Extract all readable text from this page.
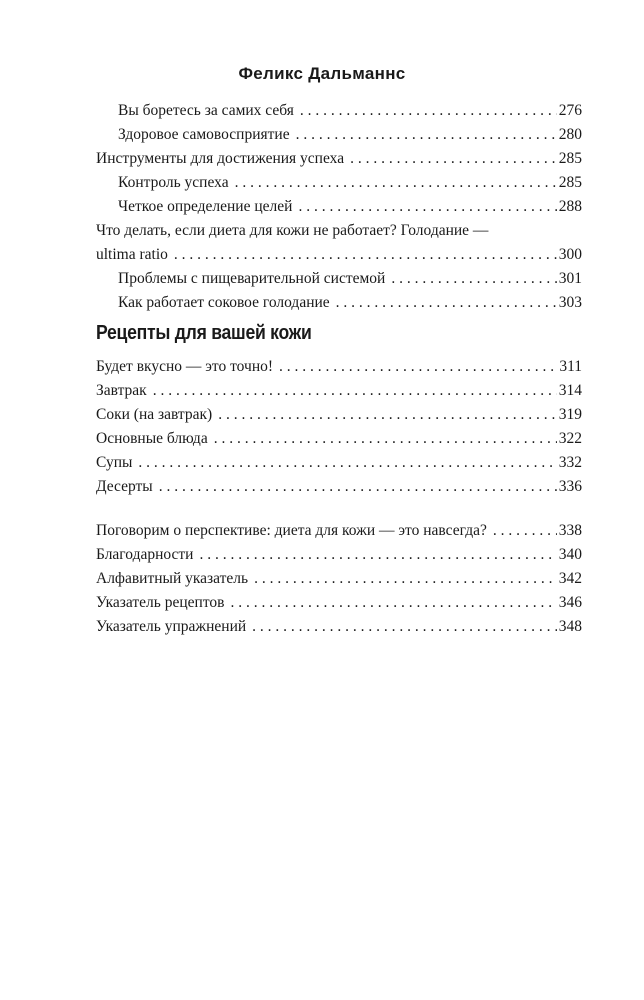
Феликс Дальманнс
Вы боретесь за самих себя . . .	276
Здоровое самовосприятие . . .	280
Инструменты для достижения успеха . . .	285
Контроль успеха . . .	285
Четкое определение целей . . .	288
Что делать, если диета для кожи не работает? Голодание —
ultima ratio . . .	300
Проблемы с пищеварительной системой . . .	301
Как работает соковое голодание . . .	303
Рецепты для вашей кожи
Будет вкусно — это точно! . . .	311
Завтрак . . .	314
Соки (на завтрак) . . .	319
Основные блюда . . .	322
Супы . . .	332
Десерты . . .	336
Поговорим о перспективе: диета для кожи — это навсегда? . . .	338
Благодарности . . .	340
Алфавитный указатель . . .	342
Указатель рецептов . . .	346
Указатель упражнений . . .	348
